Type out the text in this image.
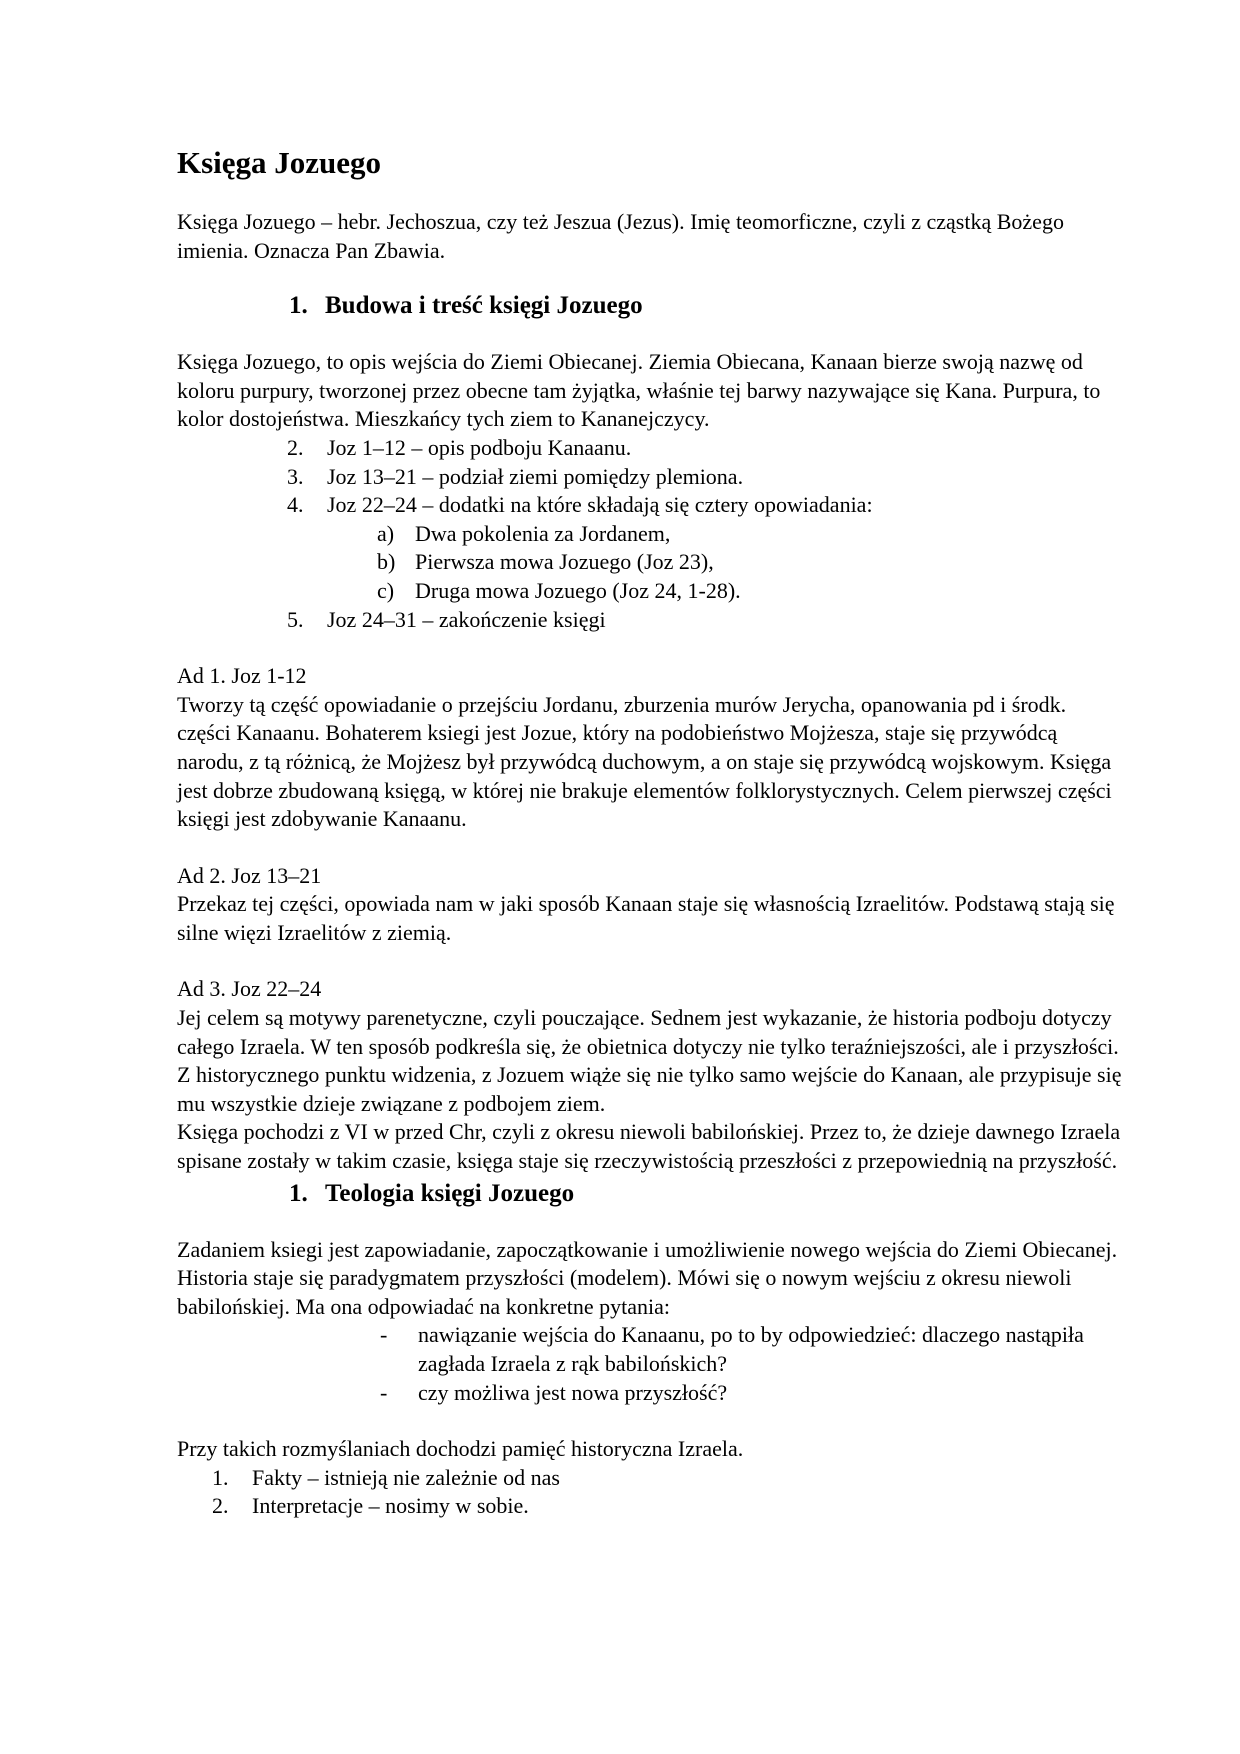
Księga Jozuego

Księga Jozuego – hebr. Jechoszua, czy też Jeszua (Jezus). Imię teomorficzne, czyli z cząstką Bożego imienia. Oznacza Pan Zbawia.

1. Budowa i treść księgi Jozuego

Księga Jozuego, to opis wejścia do Ziemi Obiecanej. Ziemia Obiecana, Kanaan bierze swoją nazwę od koloru purpury, tworzonej przez obecne tam żyjątka, właśnie tej barwy nazywające się Kana. Purpura, to kolor dostojeństwa. Mieszkańcy tych ziem to Kananejczycy.

2.	Joz 1–12 – opis podboju Kanaanu.
3.	Joz 13–21 – podział ziemi pomiędzy plemiona.
4.	Joz 22–24 – dodatki na które składają się cztery opowiadania:
a) Dwa pokolenia za Jordanem,
b) Pierwsza mowa Jozuego (Joz 23),
c) Druga mowa Jozuego (Joz 24, 1-28).
5.	Joz 24–31 – zakończenie księgi

Ad 1. Joz 1-12

Tworzy tą część opowiadanie o przejściu Jordanu, zburzenia murów Jerycha, opanowania pd i środk. części Kanaanu. Bohaterem ksiegi jest Jozue, który na podobieństwo Mojżesza, staje się przywódcą narodu, z tą różnicą, że Mojżesz był przywódcą duchowym, a on staje się przywódcą wojskowym. Księga jest dobrze zbudowaną księgą, w której nie brakuje elementów folklorystycznych. Celem pierwszej części księgi jest zdobywanie Kanaanu.

Ad 2. Joz 13–21

Przekaz tej części, opowiada nam w jaki sposób Kanaan staje się własnością Izraelitów. Podstawą stają się silne więzi Izraelitów z ziemią.

Ad 3. Joz 22–24

Jej celem są motywy parenetyczne, czyli pouczające. Sednem jest wykazanie, że historia podboju dotyczy całego Izraela. W ten sposób podkreśla się, że obietnica dotyczy nie tylko teraźniejszości, ale i przyszłości. Z historycznego punktu widzenia, z Jozuem wiąże się nie tylko samo wejście do Kanaan, ale przypisuje się mu wszystkie dzieje związane z podbojem ziem.

Księga pochodzi z VI w przed Chr, czyli z okresu niewoli babilońskiej. Przez to, że dzieje dawnego Izraela spisane zostały w takim czasie, księga staje się rzeczywistością przeszłości z przepowiednią na przyszłość.

1. Teologia księgi Jozuego

Zadaniem ksiegi jest zapowiadanie, zapoczątkowanie i umożliwienie nowego wejścia do Ziemi Obiecanej. Historia staje się paradygmatem przyszłości (modelem). Mówi się o nowym wejściu z okresu niewoli babilońskiej. Ma ona odpowiadać na konkretne pytania:

-	nawiązanie wejścia do Kanaanu, po to by odpowiedzieć: dlaczego nastąpiła zagłada Izraela z rąk babilońskich?
-	czy możliwa jest nowa przyszłość?

Przy takich rozmyślaniach dochodzi pamięć historyczna Izraela.

1.	Fakty – istnieją nie zależnie od nas
2.	Interpretacje – nosimy w sobie.
